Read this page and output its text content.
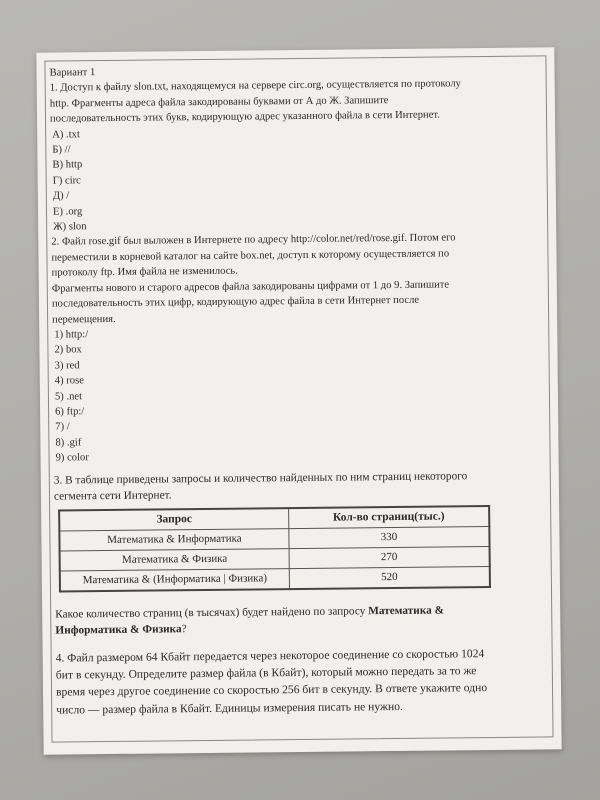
Вариант 1
1. Доступ к файлу slon.txt, находящемуся на сервере circ.org, осуществляется по протоколу
http. Фрагменты адреса файла закодированы буквами от А до Ж. Запишите
последовательность этих букв, кодирующую адрес указанного файла в сети Интернет.
А) .txt
Б) //
В) http
Г) circ
Д) /
Е) .org
Ж) slon
2. Файл rose.gif был выложен в Интернете по адресу http://color.net/red/rose.gif. Потом его
переместили в корневой каталог на сайте box.net, доступ к которому осуществляется по
протоколу ftp. Имя файла не изменилось.
Фрагменты нового и старого адресов файла закодированы цифрами от 1 до 9. Запишите
последовательность этих цифр, кодирующую адрес файла в сети Интернет после
перемещения.
1) http:/
2) box
3) red
4) rose
5) .net
6) ftp:/
7) /
8) .gif
9) color
3. В таблице приведены запросы и количество найденных по ним страниц некоторого
сегмента сети Интернет.
Запрос	Кол-во страниц(тыс.)
Математика & Информатика	330
Математика & Физика	270
Математика & (Информатика | Физика)	520
Какое количество страниц (в тысячах) будет найдено по запросу Математика &
Информатика & Физика?
4. Файл размером 64 Кбайт передается через некоторое соединение со скоростью 1024
бит в секунду. Определите размер файла (в Кбайт), который можно передать за то же
время через другое соединение со скоростью 256 бит в секунду. В ответе укажите одно
число — размер файла в Кбайт. Единицы измерения писать не нужно.
